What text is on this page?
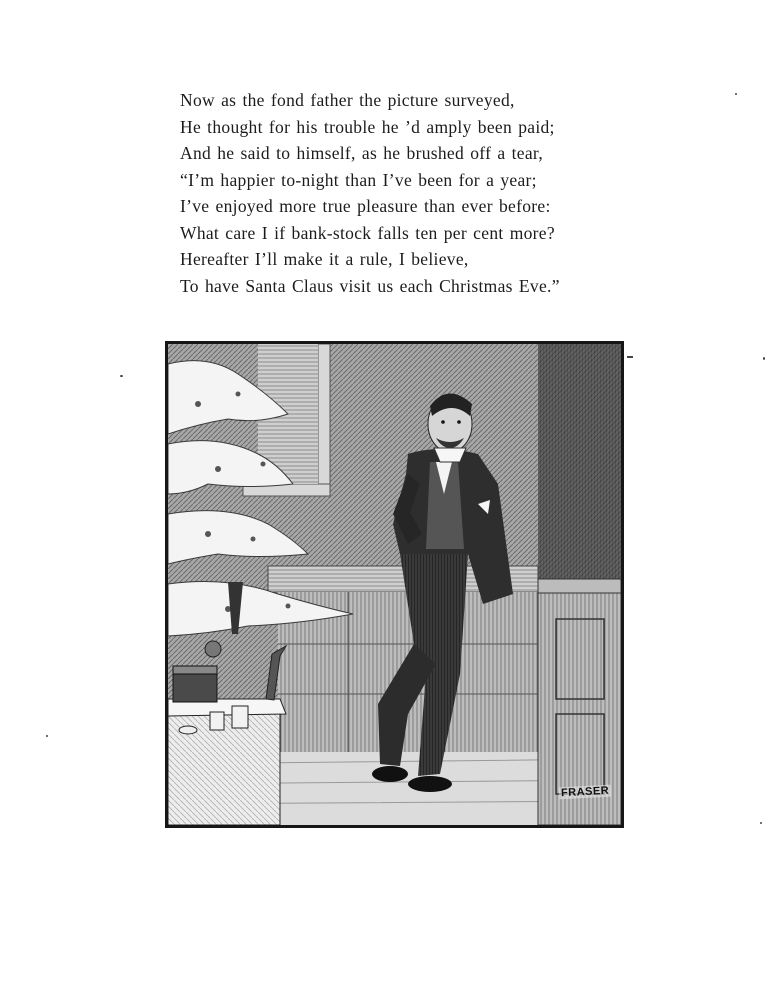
Now as the fond father the picture surveyed,
He thought for his trouble he ’d amply been paid;
And he said to himself, as he brushed off a tear,
“I’m happier to-night than I’ve been for a year;
I’ve enjoyed more true pleasure than ever before:
What care I if bank-stock falls ten per cent more?
Hereafter I’ll make it a rule, I believe,
To have Santa Claus visit us each Christmas Eve.”
FRASER
